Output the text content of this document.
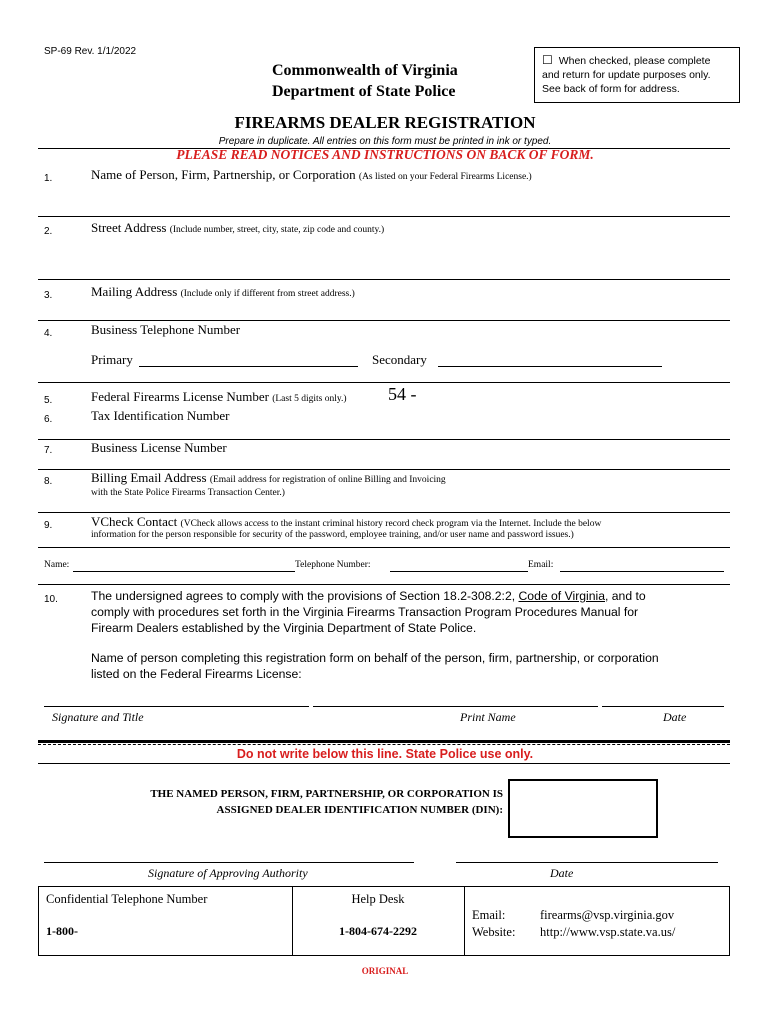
SP-69 Rev. 1/1/2022
Commonwealth of Virginia
Department of State Police
☐ When checked, please complete
and return for update purposes only.
See back of form for address.
FIREARMS DEALER REGISTRATION
Prepare in duplicate. All entries on this form must be printed in ink or typed.
PLEASE READ NOTICES AND INSTRUCTIONS ON BACK OF FORM.
1.	Name of Person, Firm, Partnership, or Corporation (As listed on your Federal Firearms License.)
2.	Street Address (Include number, street, city, state, zip code and county.)
3.	Mailing Address (Include only if different from street address.)
4.	Business Telephone Number
Primary	Secondary
5.	Federal Firearms License Number (Last 5 digits only.) 54 -
6.	Tax Identification Number
7.	Business License Number
8.	Billing Email Address (Email address for registration of online Billing and Invoicing
with the State Police Firearms Transaction Center.)
9.	VCheck Contact (VCheck allows access to the instant criminal history record check program via the Internet. Include the below
information for the person responsible for security of the password, employee training, and/or user name and password issues.)
Name:	Telephone Number:	Email:
10.	The undersigned agrees to comply with the provisions of Section 18.2-308.2:2, Code of Virginia, and to
comply with procedures set forth in the Virginia Firearms Transaction Program Procedures Manual for
Firearm Dealers established by the Virginia Department of State Police.
Name of person completing this registration form on behalf of the person, firm, partnership, or corporation
listed on the Federal Firearms License:
Signature and Title	Print Name	Date
Do not write below this line. State Police use only.
THE NAMED PERSON, FIRM, PARTNERSHIP, OR CORPORATION IS
ASSIGNED DEALER IDENTIFICATION NUMBER (DIN):
Signature of Approving Authority	Date
Confidential Telephone Number
1-800-
Help Desk
1-804-674-2292
Email:	firearms@vsp.virginia.gov
Website: http://www.vsp.state.va.us/
ORIGINAL
